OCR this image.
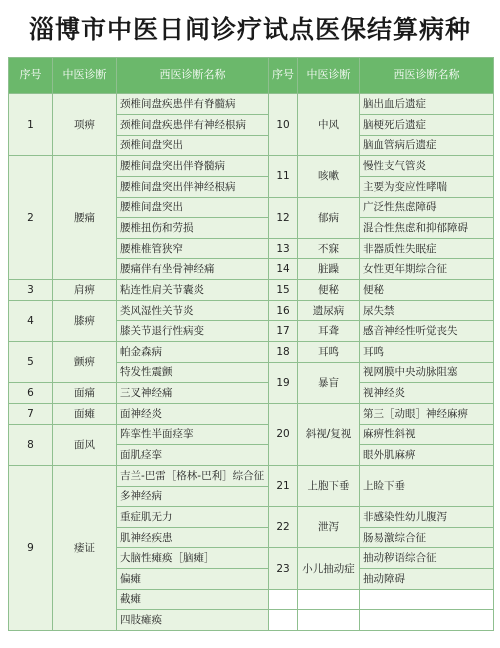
淄博市中医日间诊疗试点医保结算病种
序号	中医诊断	西医诊断名称	序号	中医诊断	西医诊断名称
1	项痹	颈椎间盘疾患伴有脊髓病	10	中风	脑出血后遗症
		颈椎间盘疾患伴有神经根病			脑梗死后遗症
		颈椎间盘突出			脑血管病后遗症
2	腰痛	腰椎间盘突出伴脊髓病	11	咳嗽	慢性支气管炎
		腰椎间盘突出伴神经根病			主要为变应性哮喘
		腰椎间盘突出	12	郁病	广泛性焦虑障碍
		腰椎扭伤和劳损			混合性焦虑和抑郁障碍
		腰椎椎管狭窄	13	不寐	非器质性失眠症
		腰痛伴有坐骨神经痛	14	脏躁	女性更年期综合征
3	肩痹	粘连性肩关节囊炎	15	便秘	便秘
4	膝痹	类风湿性关节炎	16	遗尿病	尿失禁
		膝关节退行性病变	17	耳聋	感音神经性听觉丧失
5	颤痹	帕金森病	18	耳鸣	耳鸣
		特发性震颤	19	暴盲	视网膜中央动脉阻塞
6	面痛	三叉神经痛			视神经炎
7	面瘫	面神经炎	20	斜视/复视	第三［动眼］神经麻痹
8	面风	阵挛性半面痉挛			麻痹性斜视
		面肌痉挛			眼外肌麻痹
9	痿证	吉兰-巴雷［格林-巴利］综合征	21	上胞下垂	上睑下垂
		多神经病			
		重症肌无力	22	泄泻	非感染性幼儿腹泻
		肌神经疾患			肠易激综合征
		大脑性瘫痪［脑瘫］	23	小儿抽动症	抽动秽语综合征
		偏瘫			抽动障碍
		截瘫			
		四肢瘫痪			
